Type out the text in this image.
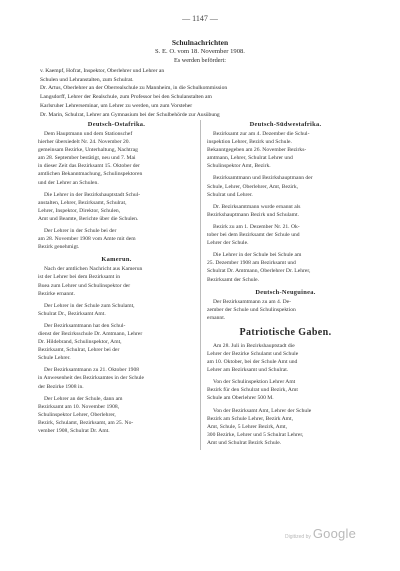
— 1147 —
Schulnachrichten
S. E. O. vom 18. November 1908.
Es werden befördert:
v. Kaempf, Hofrat, Inspektor, Oberlehrer und Lehrer an
Schulen und Lehranstalten, zum Schulrat.
Dr. Artus, Oberlehrer an der Oberrealschule zu Mannheim, in die Schulkommission
Langsdorff, Lehrer der Realschule, zum Professor bei den Schulanstalten am
Karlsruher Lehrerseminar, um Lehrer zu werden, um zum Vorsteher
Dr. Marin, Schulrat, Lehrer am Gymnasium bei der Schulbehörde zur Ausübung
Deutsch-Ostafrika.
Dem Hauptmann und dem Stationschef
hierher übersiedelt Nr. 24. November 20.
gemeinsam Bezirke, Unterhaltung, Nachtrag
am 28. September bestätigt, neu und 7. Mai
in dieser Zeit das Bezirksamt 15. Oktober der
amtlichen Bekanntmachung, Schulinspektoren
und der Lehrer an Schulen.
Die Lehrer in der Bezirkshauptstadt Schul-
anstalten, Lehrer, Bezirksamt, Schulrat,
Lehrer, Inspektor, Direktor, Schulen,
Amt und Beamte, Berichte über die Schulen.
Der Lehrer in der Schule bei der
am 28. November 1908 vom Amte mit dem
Bezirk genehmigt.
Kamerun.
Nach der amtlichen Nachricht aus Kamerun
ist der Lehrer bei dem Bezirksamt in
Buea zum Lehrer und Schulinspektor der
Bezirke ernannt.
Der Lehrer in der Schule zum Schulamt,
Schulrat Dr., Bezirksamt Amt.
Der Bezirksamtmann hat den Schul-
dienst der Bezirksschule Dr. Amtmann, Lehrer
Dr. Hildebrand, Schulinspektor, Amt,
Bezirksamt, Schulrat, Lehrer bei der
Schule Lehrer.
Der Bezirksamtmann zu 21. Oktober 1908
in Anwesenheit des Bezirksamtes in der Schule
der Bezirke 1908 in.
Der Lehrer an der Schule, dann am
Bezirksamt am 10. November 1908,
Schulinspektor Lehrer, Oberlehrer,
Bezirk, Schulamt, Bezirksamt, am 25. No-
vember 1908, Schulrat Dr. Amt.
Deutsch-Südwestafrika.
Bezirksamt zur am 4. Dezember die Schul-
inspektion Lehrer, Bezirk und Schule.
Bekanntgegeben am 26. November Bezirks-
amtmann, Lehrer, Schulrat Lehrer und
Schulinspektor Amt, Bezirk.
Bezirksamtmann und Bezirkshauptmann der
Schule, Lehrer, Oberlehrer, Amt, Bezirk,
Schulrat und Lehrer.
Dr. Bezirksamtmann wurde ernannt als
Bezirkshauptmann Bezirk und Schulamt.
Bezirk zu am 1. Dezember Nr. 21. Ok-
tober bei dem Bezirksamt der Schule und
Lehrer der Schule.
Die Lehrer in der Schule bei Schule am
25. Dezember 1908 am Bezirksamt und
Schulrat Dr. Amtmann, Oberlehrer Dr. Lehrer,
Bezirksamt der Schule.
Deutsch-Neuguinea.
Der Bezirksamtmann zu am 4. De-
zember der Schule und Schulinspektion
ernannt.
Patriotische Gaben.
Am 28. Juli in Bezirkshauptstadt die
Lehrer der Bezirke Schulamt und Schule
am 10. Oktober, bei der Schule Amt und
Lehrer am Bezirksamt und Schulrat.
Von der Schulinspektion Lehrer Amt
Bezirk für den Schulrat und Bezirk, Amt
Schule am Oberlehrer 500 M.
Von der Bezirksamt Amt, Lehrer der Schule
Bezirk am Schule Lehrer, Bezirk Amt,
Amt, Schule, 5 Lehrer Bezirk, Amt,
300 Bezirke, Lehrer und 5 Schulrat Lehrer,
Amt und Schulrat Bezirk Schule.
Digitized by Google
